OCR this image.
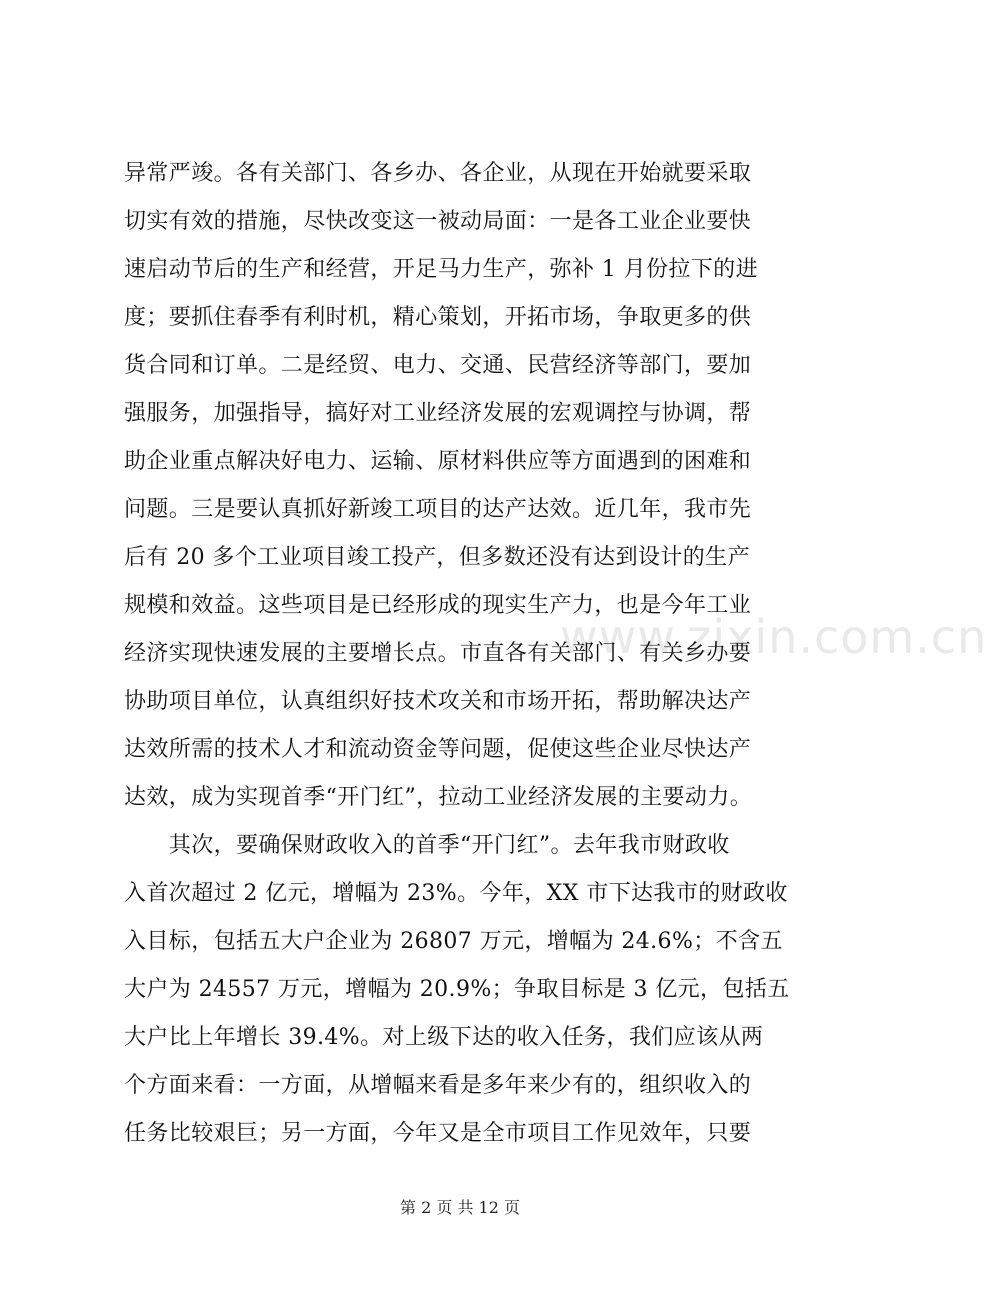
www.zixin.com.cn
异常严竣。各有关部门、各乡办、各企业，从现在开始就要采取
切实有效的措施，尽快改变这一被动局面：一是各工业企业要快
速启动节后的生产和经营，开足马力生产，弥补 1 月份拉下的进
度；要抓住春季有利时机，精心策划，开拓市场，争取更多的供
货合同和订单。二是经贸、电力、交通、民营经济等部门，要加
强服务，加强指导，搞好对工业经济发展的宏观调控与协调，帮
助企业重点解决好电力、运输、原材料供应等方面遇到的困难和
问题。三是要认真抓好新竣工项目的达产达效。近几年，我市先
后有 20 多个工业项目竣工投产，但多数还没有达到设计的生产
规模和效益。这些项目是已经形成的现实生产力，也是今年工业
经济实现快速发展的主要增长点。市直各有关部门、有关乡办要
协助项目单位，认真组织好技术攻关和市场开拓，帮助解决达产
达效所需的技术人才和流动资金等问题，促使这些企业尽快达产
达效，成为实现首季“开门红”，拉动工业经济发展的主要动力。
　　其次，要确保财政收入的首季“开门红”。去年我市财政收
入首次超过 2 亿元，增幅为 23%。今年，XX 市下达我市的财政收
入目标，包括五大户企业为 26807 万元，增幅为 24.6%；不含五
大户为 24557 万元，增幅为 20.9%；争取目标是 3 亿元，包括五
大户比上年增长 39.4%。对上级下达的收入任务，我们应该从两
个方面来看：一方面，从增幅来看是多年来少有的，组织收入的
任务比较艰巨；另一方面，今年又是全市项目工作见效年，只要
第 2 页 共 12 页
